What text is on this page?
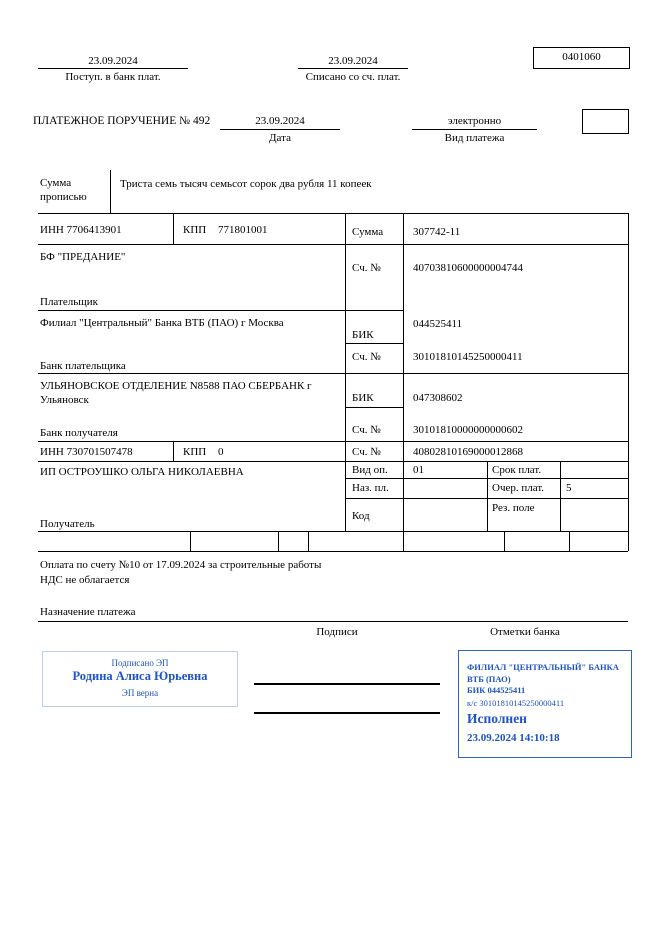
23.09.2024
Поступ. в банк плат.
23.09.2024
Списано со сч. плат.
0401060
ПЛАТЕЖНОЕ ПОРУЧЕНИЕ № 492	23.09.2024
Дата
электронно
Вид платежа
Сумма прописью
Триста семь тысяч семьсот сорок два рубля 11 копеек
ИНН 7706413901	КПП 771801001	Сумма	307742-11
БФ "ПРЕДАНИЕ"
Сч. №	40703810600000004744
Плательщик
Филиал "Центральный" Банка ВТБ (ПАО) г Москва	044525411
БИК
Сч. №	30101810145250000411
Банк плательщика
УЛЬЯНОВСКОЕ ОТДЕЛЕНИЕ N8588 ПАО СБЕРБАНК г Ульяновск	БИК	047308602
Сч. №	30101810000000000602
Банк получателя
ИНН 730701507478	КПП 0	Сч. №	40802810169000012868
ИП ОСТРОУШКО ОЛЬГА НИКОЛАЕВНА
Получатель
Вид оп. 01	Срок плат.
Наз. пл.	Очер. плат. 5
Код
Рез. поле
Оплата по счету №10 от 17.09.2024 за строительные работы
НДС не облагается
Назначение платежа
Подписи	Отметки банка
Подписано ЭП
Родина Алиса Юрьевна
ЭП верна
ФИЛИАЛ "ЦЕНТРАЛЬНЫЙ" БАНКА
ВТБ (ПАО)
БИК 044525411
к/с 30101810145250000411
Исполнен
23.09.2024 14:10:18
